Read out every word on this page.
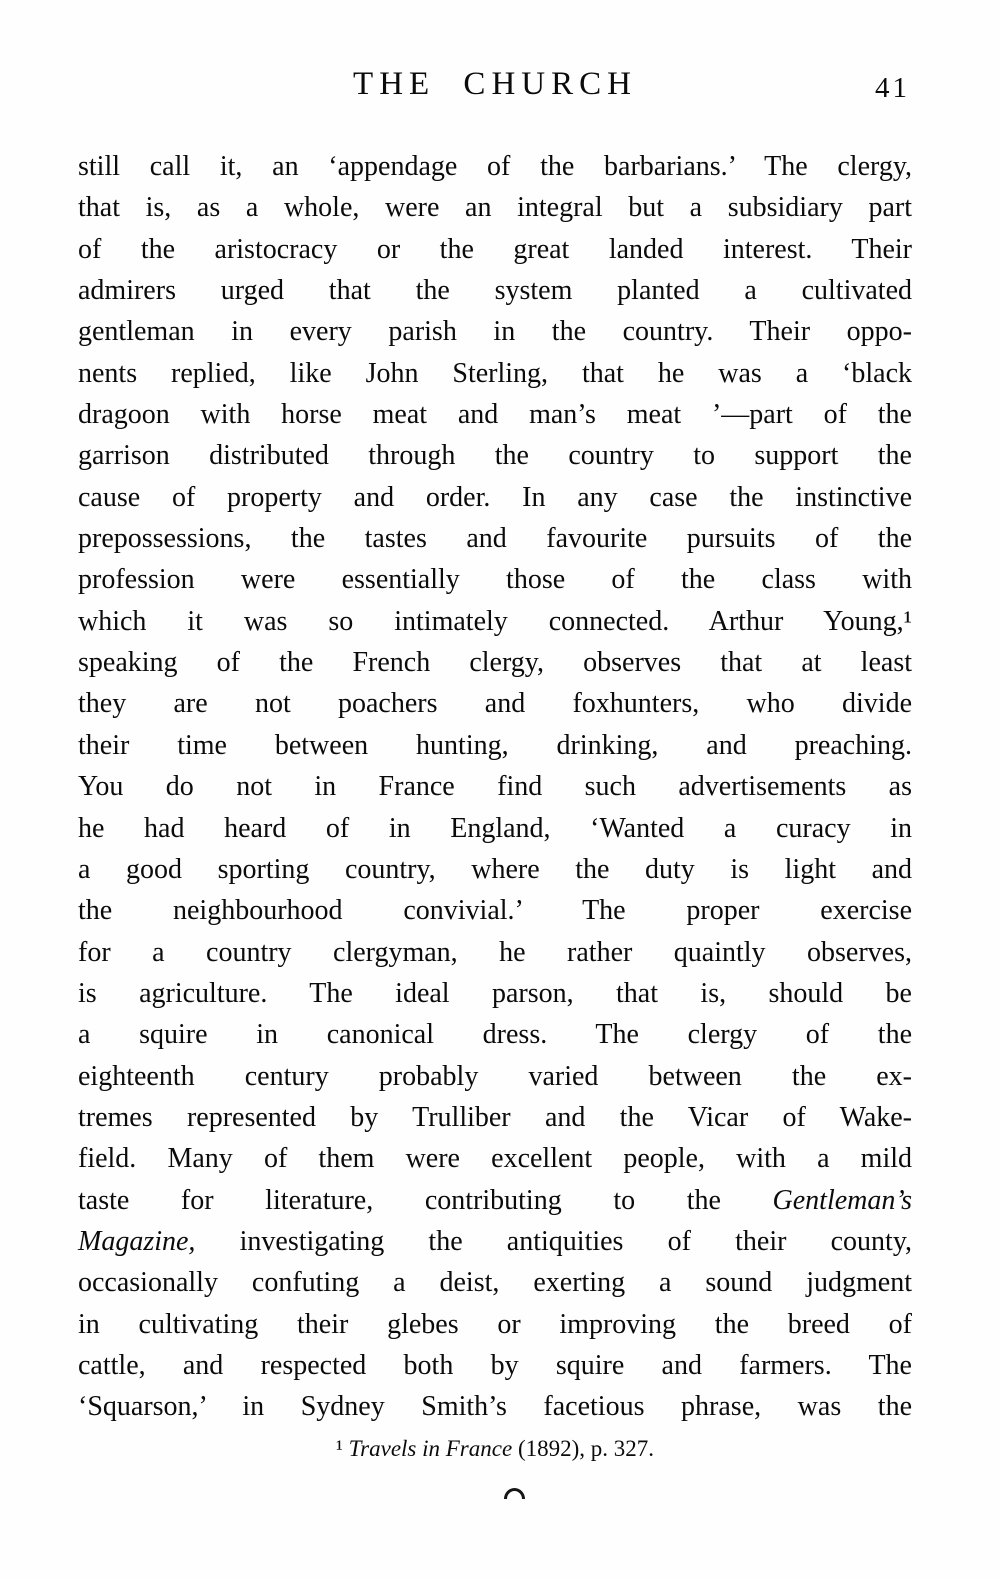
THE CHURCH	41
still call it, an ‘appendage of the barbarians.’ The clergy,
that is, as a whole, were an integral but a subsidiary part
of the aristocracy or the great landed interest. Their
admirers urged that the system planted a cultivated
gentleman in every parish in the country. Their oppo-
nents replied, like John Sterling, that he was a ‘black
dragoon with horse meat and man’s meat ’—part of the
garrison distributed through the country to support the
cause of property and order. In any case the instinctive
prepossessions, the tastes and favourite pursuits of the
profession were essentially those of the class with
which it was so intimately connected. Arthur Young,¹
speaking of the French clergy, observes that at least
they are not poachers and foxhunters, who divide
their time between hunting, drinking, and preaching.
You do not in France find such advertisements as
he had heard of in England, ‘Wanted a curacy in
a good sporting country, where the duty is light and
the neighbourhood convivial.’ The proper exercise
for a country clergyman, he rather quaintly observes,
is agriculture. The ideal parson, that is, should be
a squire in canonical dress. The clergy of the
eighteenth century probably varied between the ex-
tremes represented by Trulliber and the Vicar of Wake-
field. Many of them were excellent people, with a mild
taste for literature, contributing to the Gentleman’s
Magazine, investigating the antiquities of their county,
occasionally confuting a deist, exerting a sound judgment
in cultivating their glebes or improving the breed of
cattle, and respected both by squire and farmers. The
‘Squarson,’ in Sydney Smith’s facetious phrase, was the
¹ Travels in France (1892), p. 327.
